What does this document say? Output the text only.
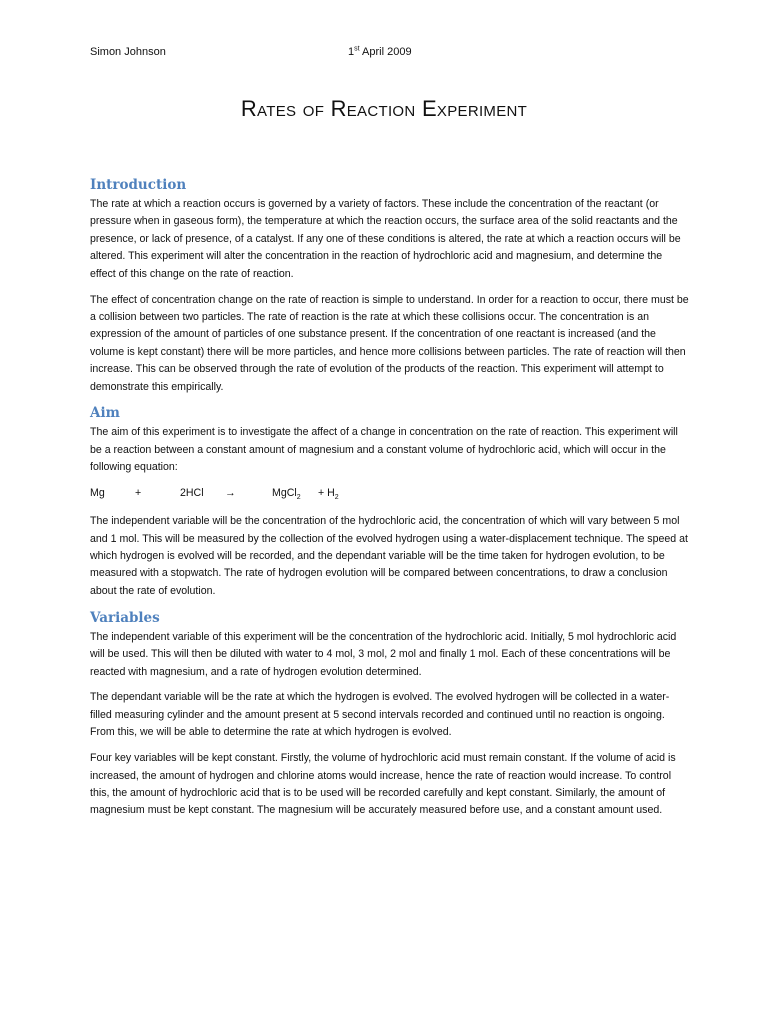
Simon Johnson	1st April 2009
Rates of Reaction Experiment
Introduction

The rate at which a reaction occurs is governed by a variety of factors. These include the concentration of the reactant (or pressure when in gaseous form), the temperature at which the reaction occurs, the surface area of the solid reactants and the presence, or lack of presence, of a catalyst. If any one of these conditions is altered, the rate at which a reaction occurs will be altered. This experiment will alter the concentration in the reaction of hydrochloric acid and magnesium, and determine the effect of this change on the rate of reaction.

The effect of concentration change on the rate of reaction is simple to understand. In order for a reaction to occur, there must be a collision between two particles. The rate of reaction is the rate at which these collisions occur. The concentration is an expression of the amount of particles of one substance present. If the concentration of one reactant is increased (and the volume is kept constant) there will be more particles, and hence more collisions between particles. The rate of reaction will then increase. This can be observed through the rate of evolution of the products of the reaction. This experiment will attempt to demonstrate this empirically.

Aim

The aim of this experiment is to investigate the affect of a change in concentration on the rate of reaction. This experiment will be a reaction between a constant amount of magnesium and a constant volume of hydrochloric acid, which will occur in the following equation:

Mg	+	2HCl	→	MgCl$_2$	+ $H_2$

The independent variable will be the concentration of the hydrochloric acid, the concentration of which will vary between 5 mol and 1 mol. This will be measured by the collection of the evolved hydrogen using a water-displacement technique. The speed at which hydrogen is evolved will be recorded, and the dependant variable will be the time taken for hydrogen evolution, to be measured with a stopwatch. The rate of hydrogen evolution will be compared between concentrations, to draw a conclusion about the rate of evolution.

Variables

The independent variable of this experiment will be the concentration of the hydrochloric acid. Initially, 5 mol hydrochloric acid will be used. This will then be diluted with water to 4 mol, 3 mol, 2 mol and finally 1 mol. Each of these concentrations will be reacted with magnesium, and a rate of hydrogen evolution determined.

The dependant variable will be the rate at which the hydrogen is evolved. The evolved hydrogen will be collected in a water-filled measuring cylinder and the amount present at 5 second intervals recorded and continued until no reaction is ongoing. From this, we will be able to determine the rate at which hydrogen is evolved.

Four key variables will be kept constant. Firstly, the volume of hydrochloric acid must remain constant. If the volume of acid is increased, the amount of hydrogen and chlorine atoms would increase, hence the rate of reaction would increase. To control this, the amount of hydrochloric acid that is to be used will be recorded carefully and kept constant. Similarly, the amount of magnesium must be kept constant. The magnesium will be accurately measured before use, and a constant amount used.
